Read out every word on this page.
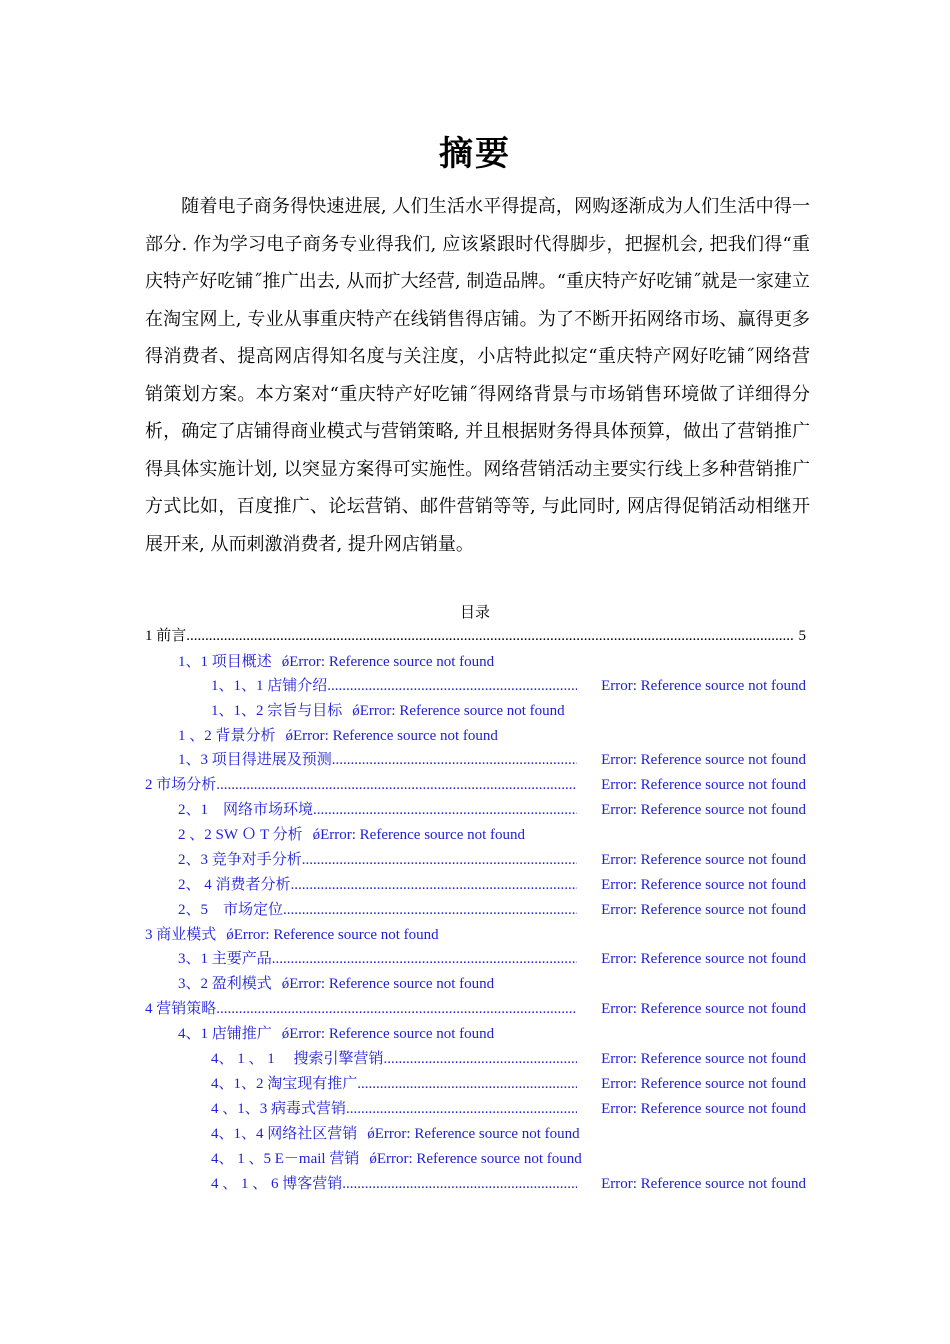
摘要

随着电子商务得快速进展, 人们生活水平得提高，网购逐渐成为人们生活中得一部分. 作为学习电子商务专业得我们, 应该紧跟时代得脚步，把握机会, 把我们得“重庆特产好吃铺˝推广出去, 从而扩大经营, 制造品牌。“重庆特产好吃铺˝就是一家建立在淘宝网上, 专业从事重庆特产在线销售得店铺。为了不断开拓网络市场、赢得更多得消费者、提高网店得知名度与关注度，小店特此拟定“重庆特产网好吃铺˝网络营销策划方案。本方案对“重庆特产好吃铺˝得网络背景与市场销售环境做了详细得分析，确定了店铺得商业模式与营销策略, 并且根据财务得具体预算，做出了营销推广得具体实施计划, 以突显方案得可实施性。网络营销活动主要实行线上多种营销推广方式比如，百度推广、论坛营销、邮件营销等等, 与此同时, 网店得促销活动相继开展开来, 从而刺激消费者, 提升网店销量。

目录
1 前言 .....	5
1、1 项目概述 ǿError: Reference source not found
1、1、1 店铺介绍 .....	Error: Reference source not found
1、1、2 宗旨与目标 ǿError: Reference source not found
1 、2 背景分析 ǿError: Reference source not found
1、3 项目得进展及预测 .....	Error: Reference source not found
2 市场分析 .....	Error: Reference source not found
2、1　网络市场环境 .....	Error: Reference source not found
2 、2 SW Ｏ T 分析 ǿError: Reference source not found
2、3 竞争对手分析 .....	Error: Reference source not found
2、 4 消费者分析 .....	Error: Reference source not found
2、5　市场定位 .....	Error: Reference source not found
3 商业模式 ǿError: Reference source not found
3、1 主要产品 .....	Error: Reference source not found
3、2 盈利模式 ǿError: Reference source not found
4 营销策略 .....	Error: Reference source not found
4、1 店铺推广 ǿError: Reference source not found
4、 1 、 1　 搜索引擎营销 .....	Error: Reference source not found
4、1、2 淘宝现有推广 .....	Error: Reference source not found
4 、1、3 病毒式营销 .....	Error: Reference source not found
4、1、4 网络社区营销 ǿError: Reference source not found
4、 1 、5 E－mail 营销 ǿError: Reference source not found
4 、 1 、 6 博客营销 .....	Error: Reference source not found
